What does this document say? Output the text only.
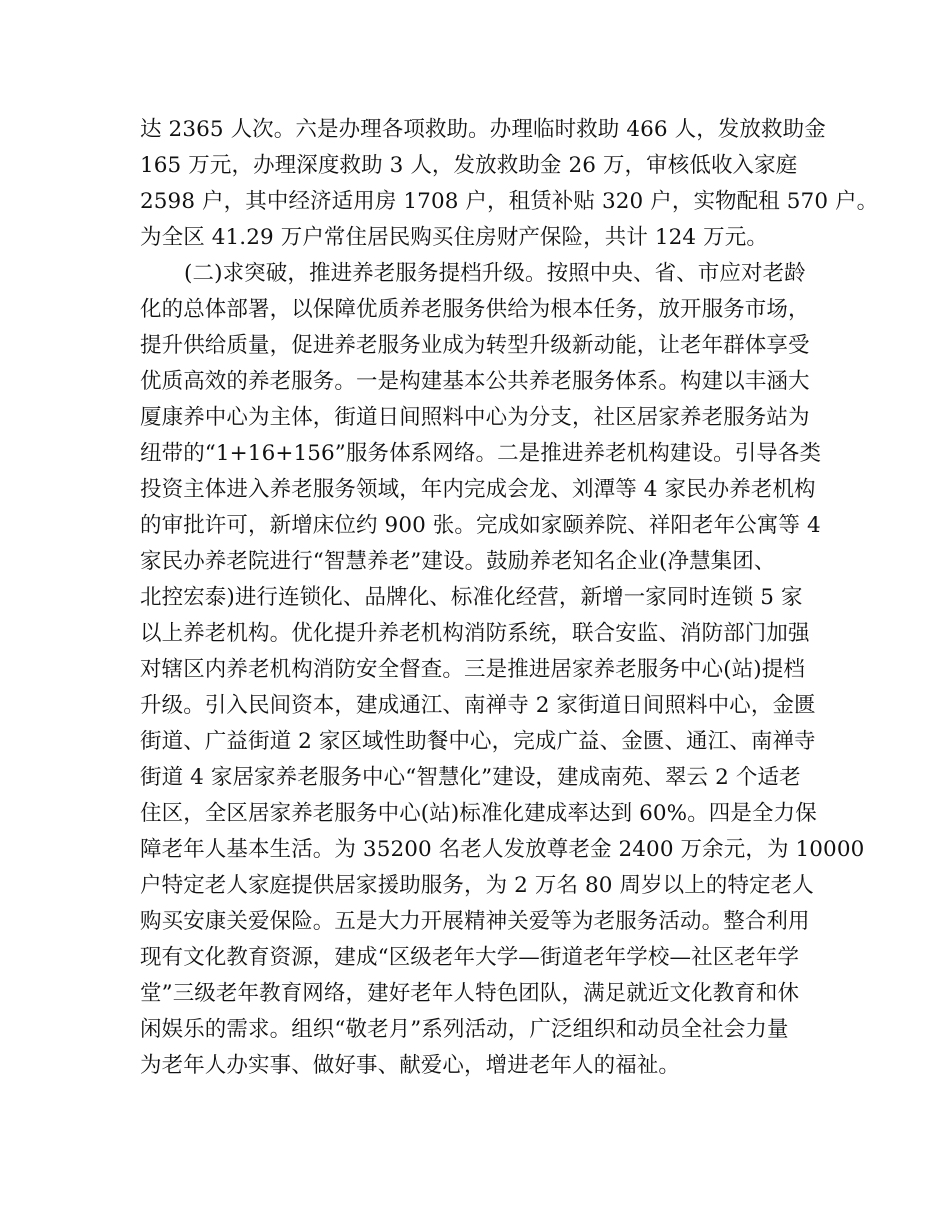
达 2365 人次。六是办理各项救助。办理临时救助 466 人，发放救助金
165 万元，办理深度救助 3 人，发放救助金 26 万，审核低收入家庭
2598 户，其中经济适用房 1708 户，租赁补贴 320 户，实物配租 570 户。
为全区 41.29 万户常住居民购买住房财产保险，共计 124 万元。
(二)求突破，推进养老服务提档升级。按照中央、省、市应对老龄
化的总体部署，以保障优质养老服务供给为根本任务，放开服务市场，
提升供给质量，促进养老服务业成为转型升级新动能，让老年群体享受
优质高效的养老服务。一是构建基本公共养老服务体系。构建以丰涵大
厦康养中心为主体，街道日间照料中心为分支，社区居家养老服务站为
纽带的“1+16+156”服务体系网络。二是推进养老机构建设。引导各类
投资主体进入养老服务领域，年内完成会龙、刘潭等 4 家民办养老机构
的审批许可，新增床位约 900 张。完成如家颐养院、祥阳老年公寓等 4
家民办养老院进行“智慧养老”建设。鼓励养老知名企业(净慧集团、
北控宏泰)进行连锁化、品牌化、标准化经营，新增一家同时连锁 5 家
以上养老机构。优化提升养老机构消防系统，联合安监、消防部门加强
对辖区内养老机构消防安全督查。三是推进居家养老服务中心(站)提档
升级。引入民间资本，建成通江、南禅寺 2 家街道日间照料中心，金匮
街道、广益街道 2 家区域性助餐中心，完成广益、金匮、通江、南禅寺
街道 4 家居家养老服务中心“智慧化”建设，建成南苑、翠云 2 个适老
住区，全区居家养老服务中心(站)标准化建成率达到 60%。四是全力保
障老年人基本生活。为 35200 名老人发放尊老金 2400 万余元，为 10000
户特定老人家庭提供居家援助服务，为 2 万名 80 周岁以上的特定老人
购买安康关爱保险。五是大力开展精神关爱等为老服务活动。整合利用
现有文化教育资源，建成“区级老年大学—街道老年学校—社区老年学
堂”三级老年教育网络，建好老年人特色团队，满足就近文化教育和休
闲娱乐的需求。组织“敬老月”系列活动，广泛组织和动员全社会力量
为老年人办实事、做好事、献爱心，增进老年人的福祉。
